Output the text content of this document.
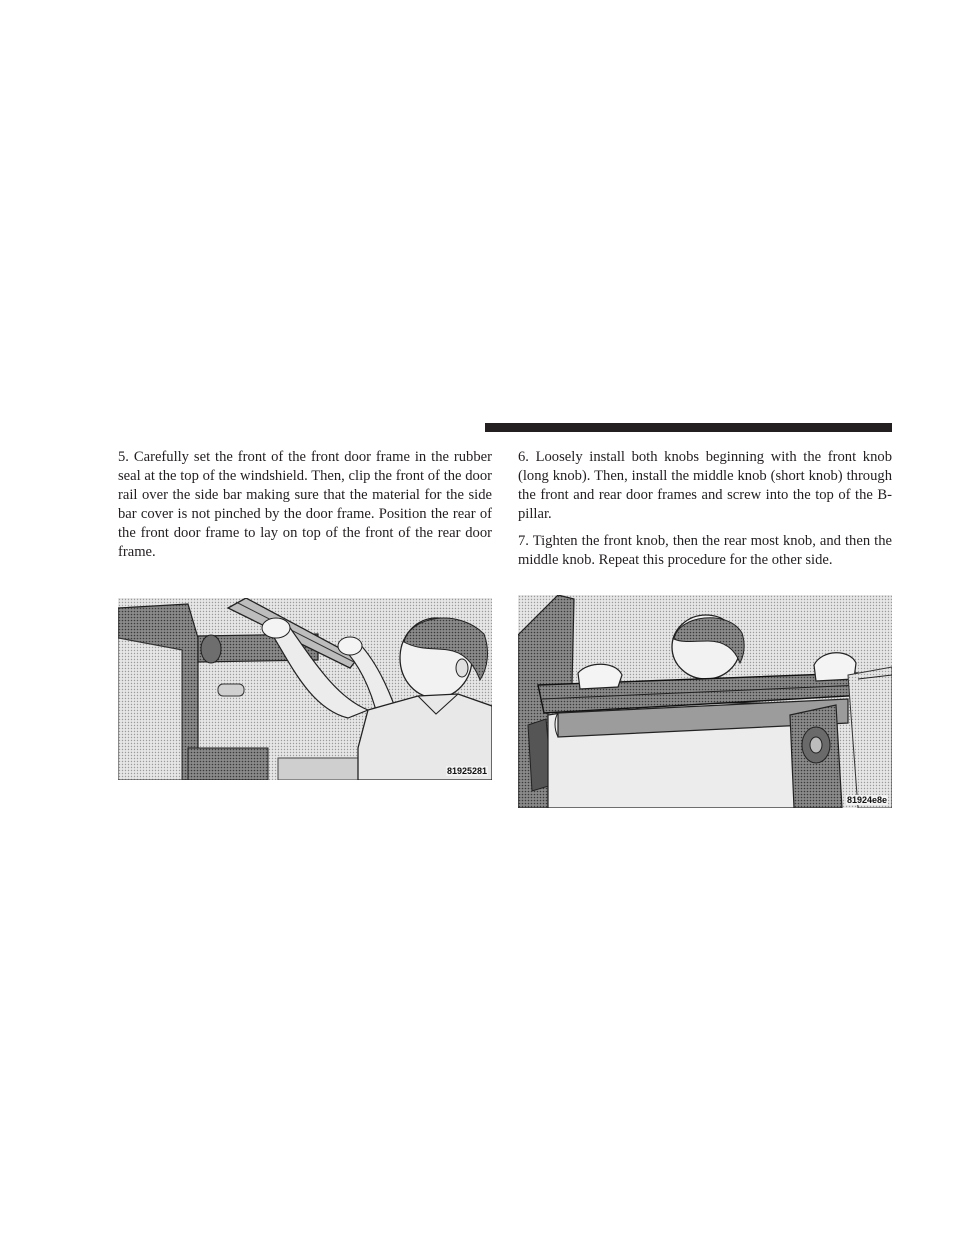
5. Carefully set the front of the front door frame in the rubber seal at the top of the windshield. Then, clip the front of the door rail over the side bar making sure that the material for the side bar cover is not pinched by the door frame. Position the rear of the front door frame to lay on top of the front of the rear door frame.

6. Loosely install both knobs beginning with the front knob (long knob). Then, install the middle knob (short knob) through the front and rear door frames and screw into the top of the B-pillar.

7. Tighten the front knob, then the rear most knob, and then the middle knob. Repeat this procedure for the other side.

81925281
81924e8e
